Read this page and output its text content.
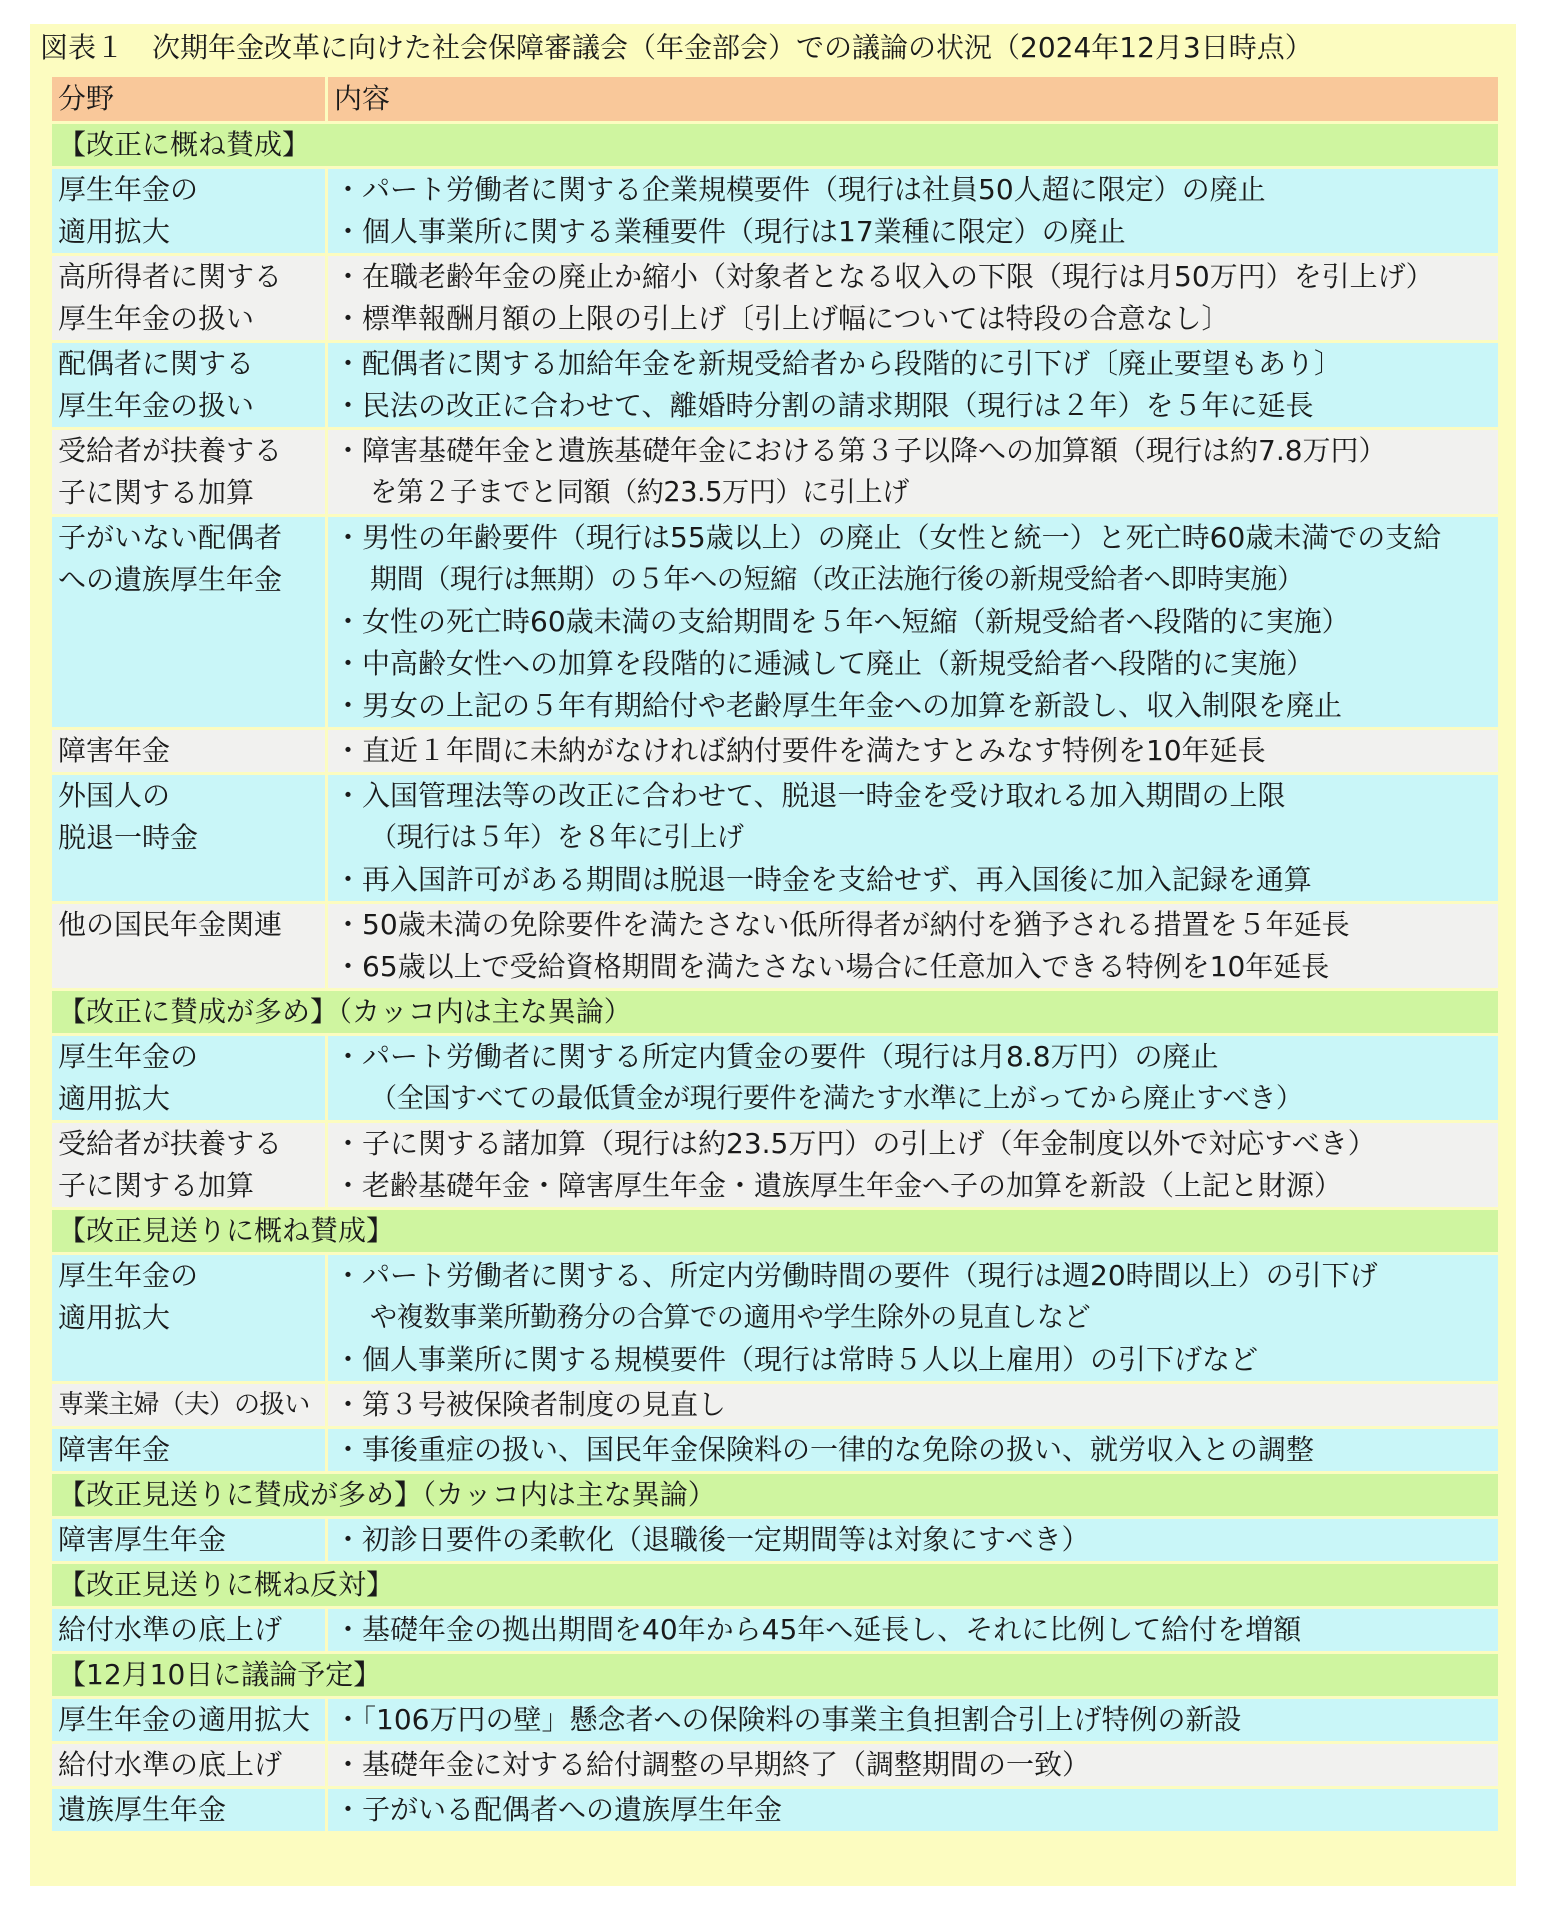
図表１　次期年金改革に向けた社会保障審議会（年金部会）での議論の状況（2024年12月3日時点）
分野	内容
【改正に概ね賛成】	

厚生年金の
適用拡大	・パート労働者に関する企業規模要件（現行は社員50人超に限定）の廃止
・個人事業所に関する業種要件（現行は17業種に限定）の廃止

高所得者に関する
厚生年金の扱い	・在職老齢年金の廃止か縮小（対象者となる収入の下限（現行は月50万円）を引上げ）
・標準報酬月額の上限の引上げ〔引上げ幅については特段の合意なし〕

配偶者に関する
厚生年金の扱い	・配偶者に関する加給年金を新規受給者から段階的に引下げ〔廃止要望もあり〕
・民法の改正に合わせて、離婚時分割の請求期限（現行は２年）を５年に延長

受給者が扶養する
子に関する加算	・障害基礎年金と遺族基礎年金における第３子以降への加算額（現行は約7.8万円）
を第２子までと同額（約23.5万円）に引上げ

子がいない配偶者
への遺族厚生年金	・男性の年齢要件（現行は55歳以上）の廃止（女性と統一）と死亡時60歳未満での支給
期間（現行は無期）の５年への短縮（改正法施行後の新規受給者へ即時実施）
・女性の死亡時60歳未満の支給期間を５年へ短縮（新規受給者へ段階的に実施）
・中高齢女性への加算を段階的に逓減して廃止（新規受給者へ段階的に実施）
・男女の上記の５年有期給付や老齢厚生年金への加算を新設し、収入制限を廃止

障害年金	・直近１年間に未納がなければ納付要件を満たすとみなす特例を10年延長

外国人の
脱退一時金	・入国管理法等の改正に合わせて、脱退一時金を受け取れる加入期間の上限
（現行は５年）を８年に引上げ
・再入国許可がある期間は脱退一時金を支給せず、再入国後に加入記録を通算

他の国民年金関連	・50歳未満の免除要件を満たさない低所得者が納付を猶予される措置を５年延長
・65歳以上で受給資格期間を満たさない場合に任意加入できる特例を10年延長

【改正に賛成が多め】（カッコ内は主な異論）	

厚生年金の
適用拡大	・パート労働者に関する所定内賃金の要件（現行は月8.8万円）の廃止
（全国すべての最低賃金が現行要件を満たす水準に上がってから廃止すべき）

受給者が扶養する
子に関する加算	・子に関する諸加算（現行は約23.5万円）の引上げ（年金制度以外で対応すべき）
・老齢基礎年金・障害厚生年金・遺族厚生年金へ子の加算を新設（上記と財源）

【改正見送りに概ね賛成】	

厚生年金の
適用拡大	・パート労働者に関する、所定内労働時間の要件（現行は週20時間以上）の引下げ
や複数事業所勤務分の合算での適用や学生除外の見直しなど
・個人事業所に関する規模要件（現行は常時５人以上雇用）の引下げなど

専業主婦（夫）の扱い	・第３号被保険者制度の見直し

障害年金	・事後重症の扱い、国民年金保険料の一律的な免除の扱い、就労収入との調整

【改正見送りに賛成が多め】（カッコ内は主な異論）	

障害厚生年金	・初診日要件の柔軟化（退職後一定期間等は対象にすべき）

【改正見送りに概ね反対】	

給付水準の底上げ	・基礎年金の拠出期間を40年から45年へ延長し、それに比例して給付を増額

【12月10日に議論予定】	

厚生年金の適用拡大	・「106万円の壁」懸念者への保険料の事業主負担割合引上げ特例の新設

給付水準の底上げ	・基礎年金に対する給付調整の早期終了（調整期間の一致）

遺族厚生年金	・子がいる配偶者への遺族厚生年金
